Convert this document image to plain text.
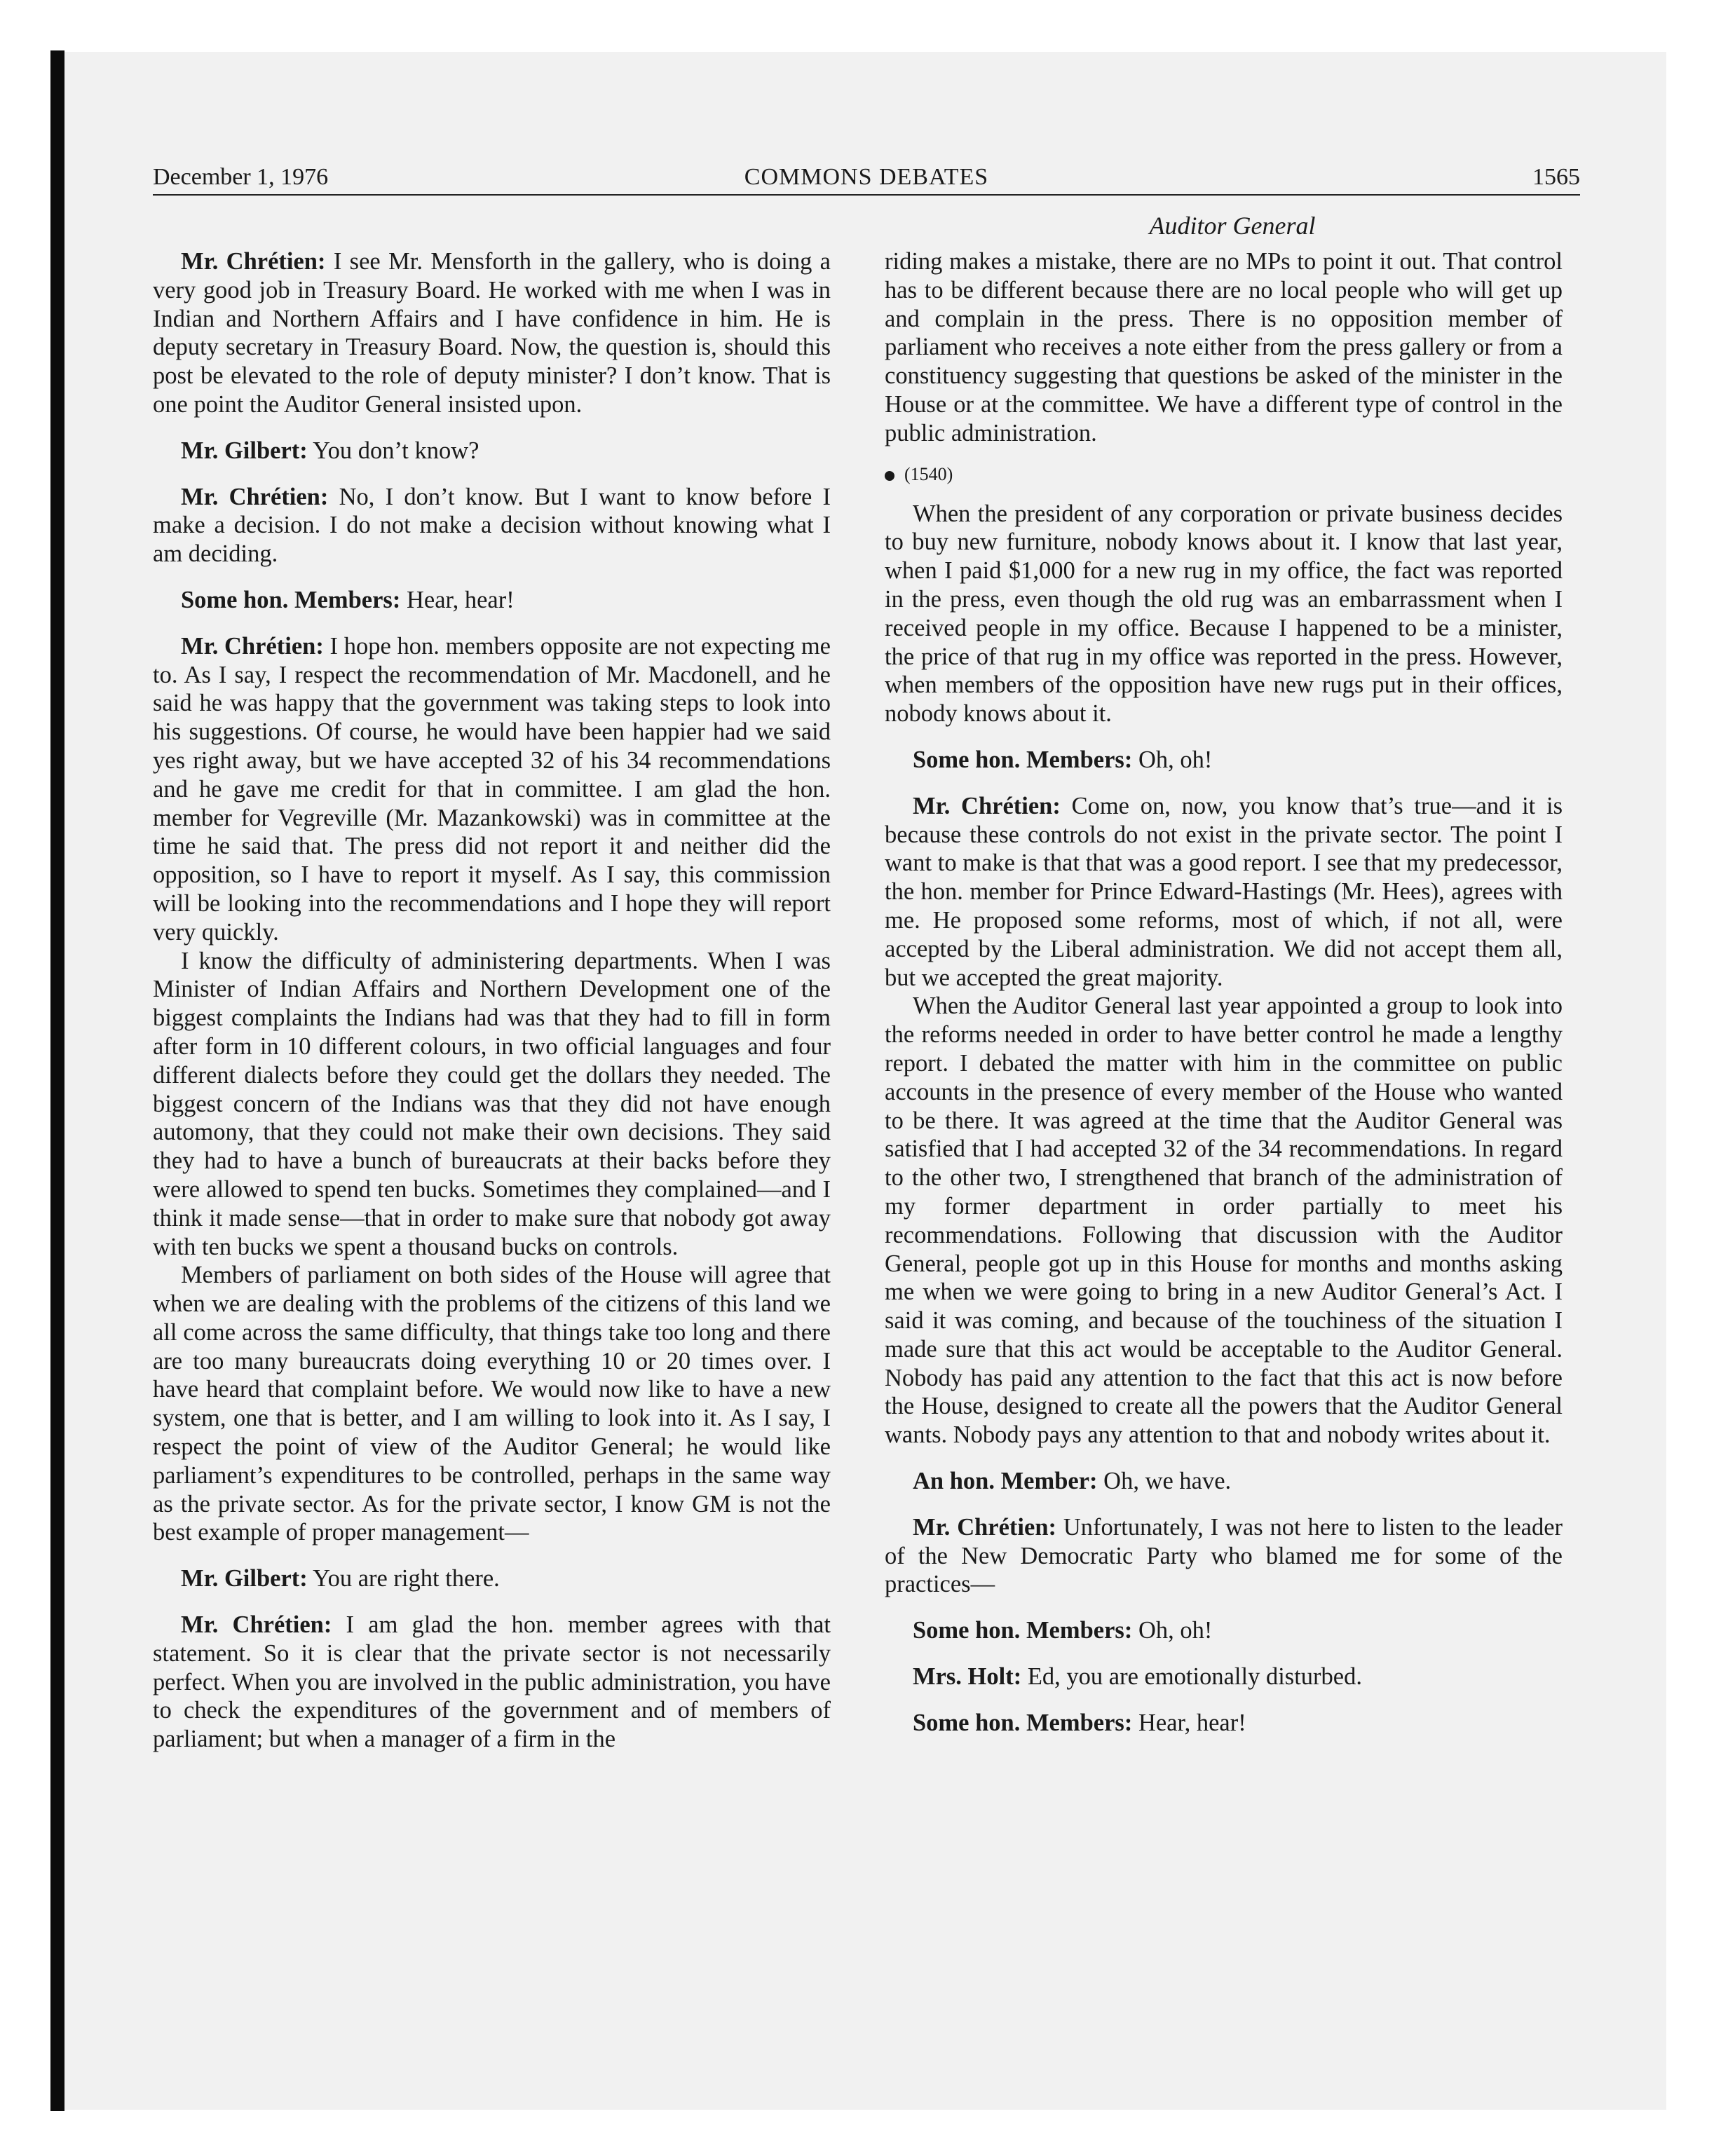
December 1, 1976	COMMONS DEBATES	1565
Auditor General

Mr. Chrétien: I see Mr. Mensforth in the gallery, who is doing a very good job in Treasury Board. He worked with me when I was in Indian and Northern Affairs and I have confidence in him. He is deputy secretary in Treasury Board. Now, the question is, should this post be elevated to the role of deputy minister? I don’t know. That is one point the Auditor General insisted upon.

Mr. Gilbert: You don’t know?

Mr. Chrétien: No, I don’t know. But I want to know before I make a decision. I do not make a decision without knowing what I am deciding.

Some hon. Members: Hear, hear!

Mr. Chrétien: I hope hon. members opposite are not expecting me to. As I say, I respect the recommendation of Mr. Macdonell, and he said he was happy that the government was taking steps to look into his suggestions. Of course, he would have been happier had we said yes right away, but we have accepted 32 of his 34 recommendations and he gave me credit for that in committee. I am glad the hon. member for Vegreville (Mr. Mazankowski) was in committee at the time he said that. The press did not report it and neither did the opposition, so I have to report it myself. As I say, this commission will be looking into the recommendations and I hope they will report very quickly.

I know the difficulty of administering departments. When I was Minister of Indian Affairs and Northern Development one of the biggest complaints the Indians had was that they had to fill in form after form in 10 different colours, in two official languages and four different dialects before they could get the dollars they needed. The biggest concern of the Indians was that they did not have enough automony, that they could not make their own decisions. They said they had to have a bunch of bureaucrats at their backs before they were allowed to spend ten bucks. Sometimes they complained—and I think it made sense—that in order to make sure that nobody got away with ten bucks we spent a thousand bucks on controls.

Members of parliament on both sides of the House will agree that when we are dealing with the problems of the citizens of this land we all come across the same difficulty, that things take too long and there are too many bureaucrats doing everything 10 or 20 times over. I have heard that complaint before. We would now like to have a new system, one that is better, and I am willing to look into it. As I say, I respect the point of view of the Auditor General; he would like parliament’s expenditures to be controlled, perhaps in the same way as the private sector. As for the private sector, I know GM is not the best example of proper management—

Mr. Gilbert: You are right there.

Mr. Chrétien: I am glad the hon. member agrees with that statement. So it is clear that the private sector is not necessarily perfect. When you are involved in the public administration, you have to check the expenditures of the government and of members of parliament; but when a manager of a firm in the

riding makes a mistake, there are no MPs to point it out. That control has to be different because there are no local people who will get up and complain in the press. There is no opposition member of parliament who receives a note either from the press gallery or from a constituency suggesting that questions be asked of the minister in the House or at the committee. We have a different type of control in the public administration.

(1540)

When the president of any corporation or private business decides to buy new furniture, nobody knows about it. I know that last year, when I paid $1,000 for a new rug in my office, the fact was reported in the press, even though the old rug was an embarrassment when I received people in my office. Because I happened to be a minister, the price of that rug in my office was reported in the press. However, when members of the opposition have new rugs put in their offices, nobody knows about it.

Some hon. Members: Oh, oh!

Mr. Chrétien: Come on, now, you know that’s true—and it is because these controls do not exist in the private sector. The point I want to make is that that was a good report. I see that my predecessor, the hon. member for Prince Edward-Hastings (Mr. Hees), agrees with me. He proposed some reforms, most of which, if not all, were accepted by the Liberal administration. We did not accept them all, but we accepted the great majority.

When the Auditor General last year appointed a group to look into the reforms needed in order to have better control he made a lengthy report. I debated the matter with him in the committee on public accounts in the presence of every member of the House who wanted to be there. It was agreed at the time that the Auditor General was satisfied that I had accepted 32 of the 34 recommendations. In regard to the other two, I strengthened that branch of the administration of my former department in order partially to meet his recommendations. Following that discussion with the Auditor General, people got up in this House for months and months asking me when we were going to bring in a new Auditor General’s Act. I said it was coming, and because of the touchiness of the situation I made sure that this act would be acceptable to the Auditor General. Nobody has paid any attention to the fact that this act is now before the House, designed to create all the powers that the Auditor General wants. Nobody pays any attention to that and nobody writes about it.

An hon. Member: Oh, we have.

Mr. Chrétien: Unfortunately, I was not here to listen to the leader of the New Democratic Party who blamed me for some of the practices—

Some hon. Members: Oh, oh!

Mrs. Holt: Ed, you are emotionally disturbed.

Some hon. Members: Hear, hear!
